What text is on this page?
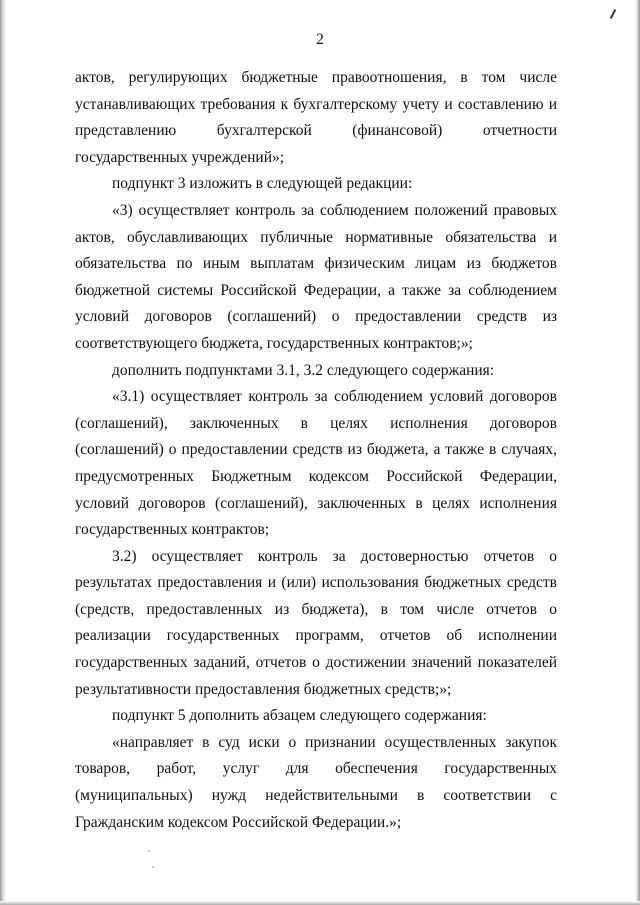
2

актов, регулирующих бюджетные правоотношения, в том числе устанавливающих требования к бухгалтерскому учету и составлению и представлению бухгалтерской (финансовой) отчетности государственных учреждений»;

подпункт 3 изложить в следующей редакции:

«3) осуществляет контроль за соблюдением положений правовых актов, обуславливающих публичные нормативные обязательства и обязательства по иным выплатам физическим лицам из бюджетов бюджетной системы Российской Федерации, а также за соблюдением условий договоров (соглашений) о предоставлении средств из соответствующего бюджета, государственных контрактов;»;

дополнить подпунктами 3.1, 3.2 следующего содержания:

«3.1) осуществляет контроль за соблюдением условий договоров (соглашений), заключенных в целях исполнения договоров (соглашений) о предоставлении средств из бюджета, а также в случаях, предусмотренных Бюджетным кодексом Российской Федерации, условий договоров (соглашений), заключенных в целях исполнения государственных контрактов;

3.2) осуществляет контроль за достоверностью отчетов о результатах предоставления и (или) использования бюджетных средств (средств, предоставленных из бюджета), в том числе отчетов о реализации государственных программ, отчетов об исполнении государственных заданий, отчетов о достижении значений показателей результативности предоставления бюджетных средств;»;

подпункт 5 дополнить абзацем следующего содержания:

«направляет в суд иски о признании осуществленных закупок товаров, работ, услуг для обеспечения государственных (муниципальных) нужд недействительными в соответствии с Гражданским кодексом Российской Федерации.»;
